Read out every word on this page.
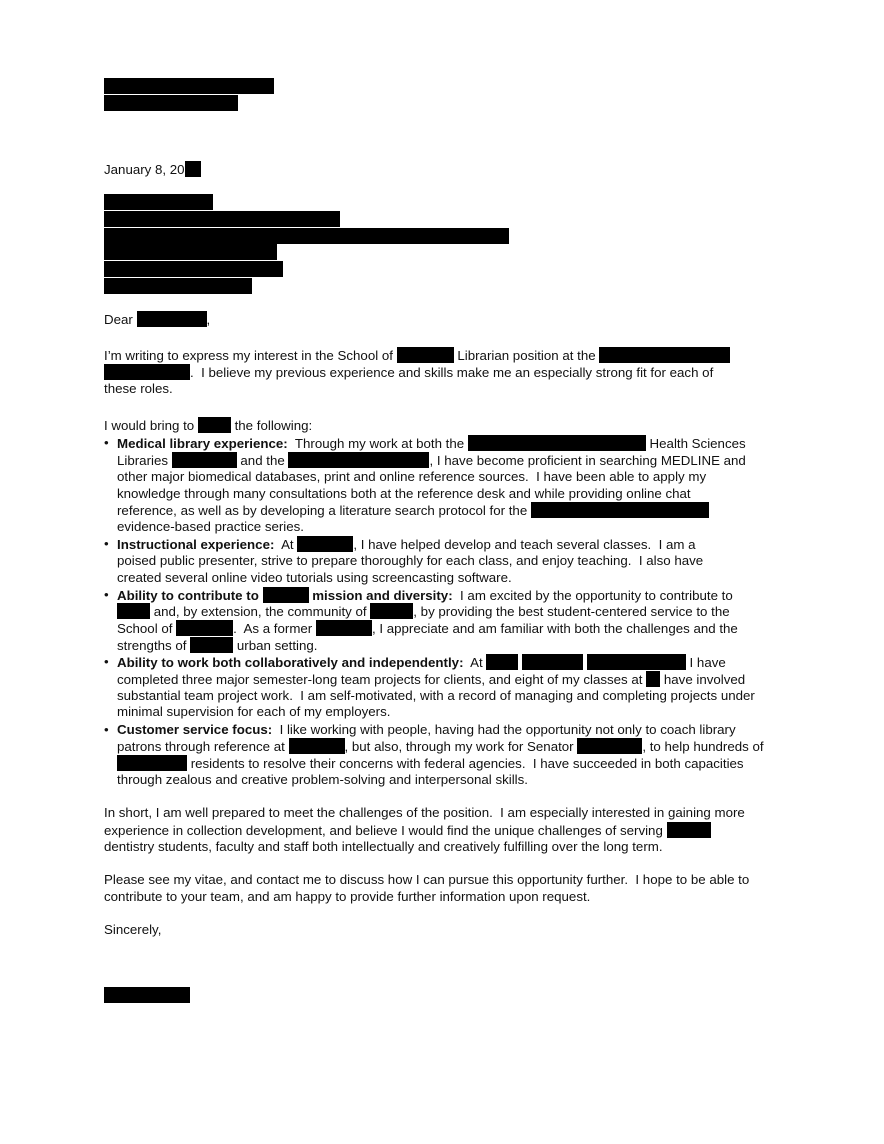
January 8, 20
Dear	,
I’m writing to express my interest in the School of	Librarian position at the
.  I believe my previous experience and skills make me an especially strong fit for each of
these roles.
I would bring to	the following:
• Medical library experience: Through my work at both the	Health Sciences
Libraries	and the	, I have become proficient in searching MEDLINE and
other major biomedical databases, print and online reference sources.  I have been able to apply my
knowledge through many consultations both at the reference desk and while providing online chat
reference, as well as by developing a literature search protocol for the
evidence-based practice series.
• Instructional experience: At	, I have helped develop and teach several classes.  I am a
poised public presenter, strive to prepare thoroughly for each class, and enjoy teaching.  I also have
created several online video tutorials using screencasting software.
• Ability to contribute to	mission and diversity: I am excited by the opportunity to contribute to
and, by extension, the community of	, by providing the best student-centered service to the
School of	.  As a former	, I appreciate and am familiar with both the challenges and the
strengths of	urban setting.
• Ability to work both collaboratively and independently: At	I have
completed three major semester-long team projects for clients, and eight of my classes at have involved
substantial team project work.  I am self-motivated, with a record of managing and completing projects under
minimal supervision for each of my employers.
• Customer service focus: I like working with people, having had the opportunity not only to coach library
patrons through reference at	, but also, through my work for Senator	, to help hundreds of
residents to resolve their concerns with federal agencies.  I have succeeded in both capacities
through zealous and creative problem-solving and interpersonal skills.
In short, I am well prepared to meet the challenges of the position.  I am especially interested in gaining more
experience in collection development, and believe I would find the unique challenges of serving
dentistry students, faculty and staff both intellectually and creatively fulfilling over the long term.
Please see my vitae, and contact me to discuss how I can pursue this opportunity further.  I hope to be able to
contribute to your team, and am happy to provide further information upon request.
Sincerely,
